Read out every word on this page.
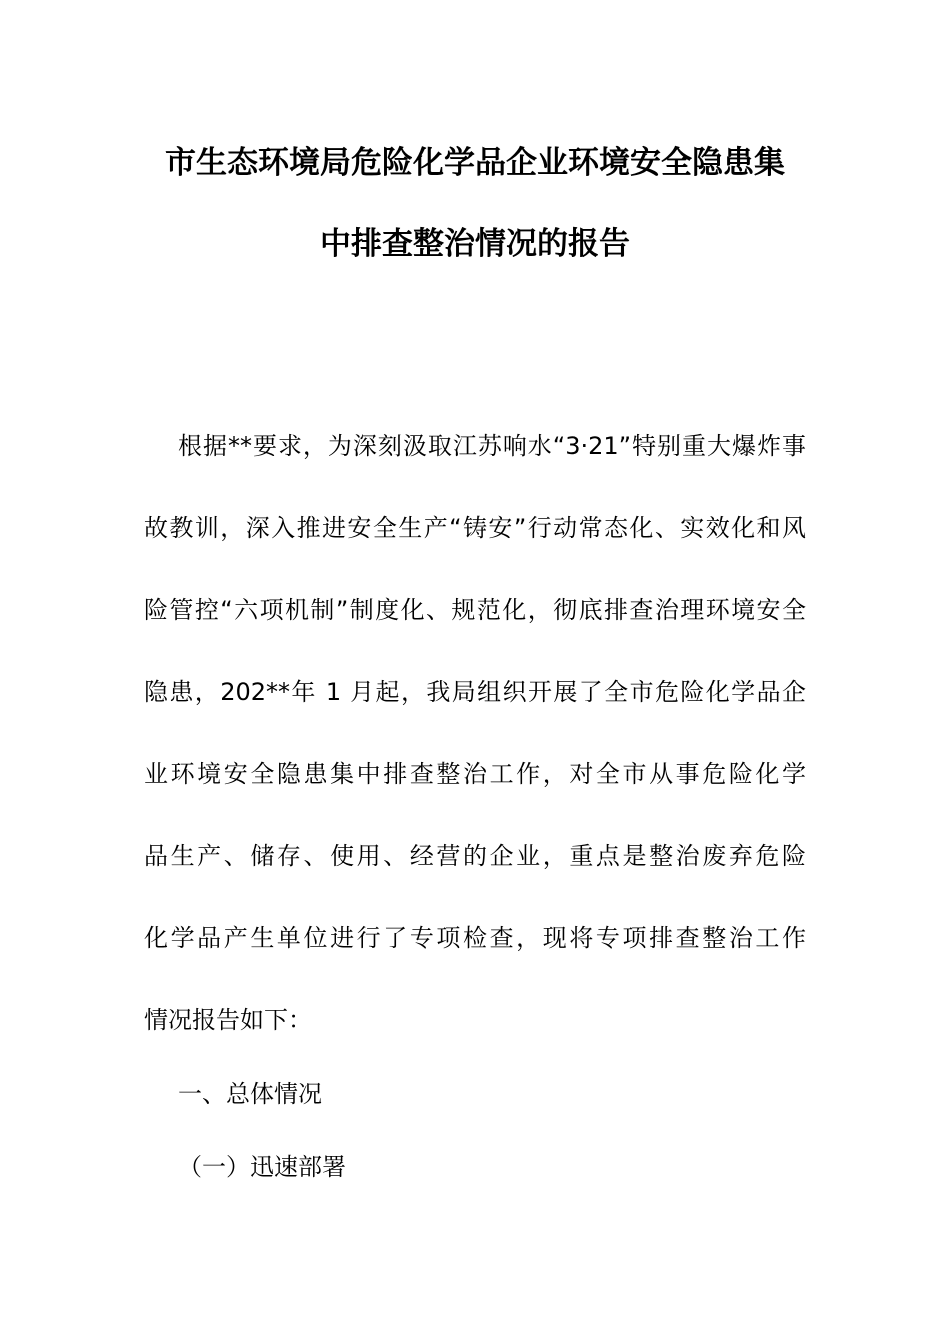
市生态环境局危险化学品企业环境安全隐患集
中排查整治情况的报告
根据**要求，为深刻汲取江苏响水“3·21”特别重大爆炸事
故教训，深入推进安全生产“铸安”行动常态化、实效化和风
险管控“六项机制”制度化、规范化，彻底排查治理环境安全
隐患，202**年 1 月起，我局组织开展了全市危险化学品企
业环境安全隐患集中排查整治工作，对全市从事危险化学
品生产、储存、使用、经营的企业，重点是整治废弃危险
化学品产生单位进行了专项检查，现将专项排查整治工作
情况报告如下：
一、总体情况
（一）迅速部署
